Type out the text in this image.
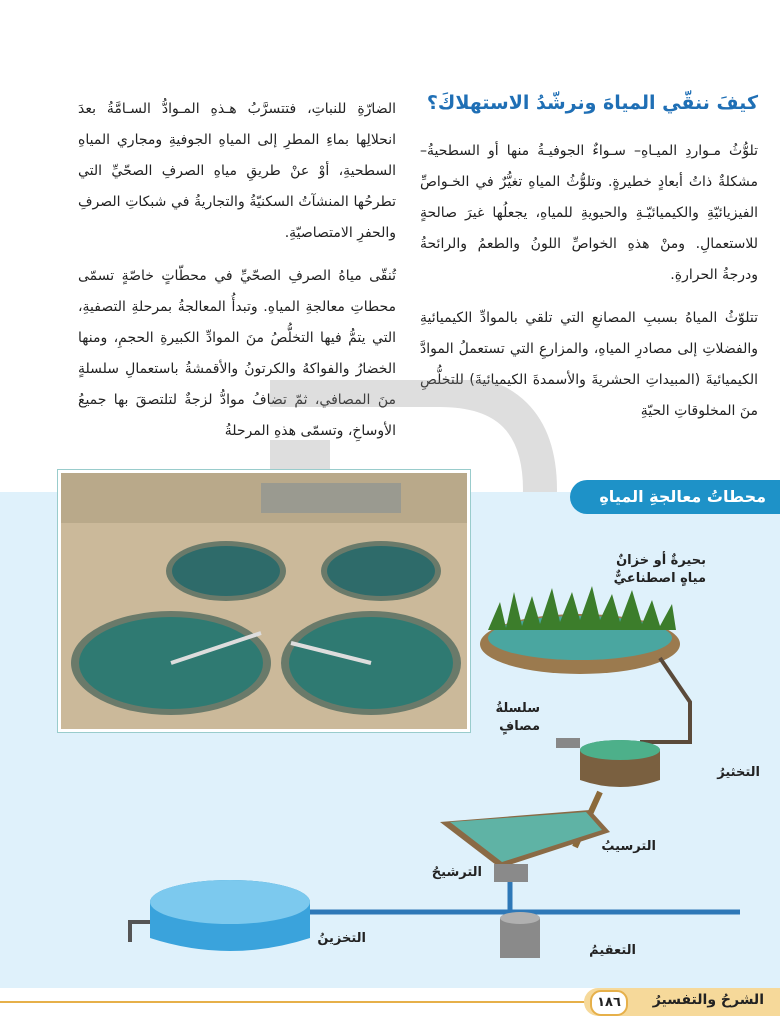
كيفَ ننقّي المياهَ ونرشّدُ الاستهلاكَ؟

تلوُّثُ مـواردِ الميـاهِ– سـواءٌ الجوفيـةُ منها أو السطحيةُ– مشكلةٌ ذاتُ أبعادٍ خطيرةٍ. وتلوُّثُ المياهِ تغيُّرٌ في الخـواصِّ الفيزيائيّةِ والكيميائيّـةِ والحيويةِ للمياهِ، يجعلُها غيرَ صالحةٍ للاستعمالِ. ومنْ هذهِ الخواصِّ اللونُ والطعمُ والرائحةُ ودرجةُ الحرارةِ.

تتلوّثُ المياهُ بسببِ المصانعِ التي تلقي بالموادِّ الكيميائيةِ والفضلاتِ إلى مصادرِ المياهِ، والمزارعِ التي تستعملُ الموادَّ الكيميائيةَ (المبيداتِ الحشريةَ والأسمدةَ الكيميائيةَ) للتخلُّصِ منَ المخلوقاتِ الحيّةِ

الضارّةِ للنباتِ، فتتسرَّبُ هـذهِ المـوادُّ السـامَّةُ بعدَ انحلالِها بماءِ المطرِ إلى المياهِ الجوفيةِ ومجاري المياهِ السطحيةِ، أوْ عنْ طريقِ مياهِ الصرفِ الصحّيِّ التي تطرحُها المنشآتُ السكنيّةُ والتجاريةُ في شبكاتِ الصرفِ والحفرِ الامتصاصيّةِ.

تُنقّى مياهُ الصرفِ الصحّيِّ في محطّاتٍ خاصّةٍ تسمّى محطاتِ معالجةِ المياهِ. وتبدأُ المعالجةُ بمرحلةِ التصفيةِ، التي يتمُّ فيها التخلُّصُ منَ الموادِّ الكبيرةِ الحجمِ، ومنها الخضارُ والفواكهُ والكرتونُ والأقمشةُ باستعمالِ سلسلةٍ منَ المصافي، ثمّ تضافُ موادُّ لزجةٌ لتلتصقَ بها جميعُ الأوساخِ، وتسمّى هذهِ المرحلةُ

محطاتُ معالجةِ المياهِ
بحيرةٌ أو خزانٌ
مياهٍ اصطناعيٌّ
سلسلةُ
مصافٍ
التخثيرُ
الترسيبُ
الترشيحُ
التعقيمُ
التخزينُ
الشرحُ والتفسيرُ
١٨٦
